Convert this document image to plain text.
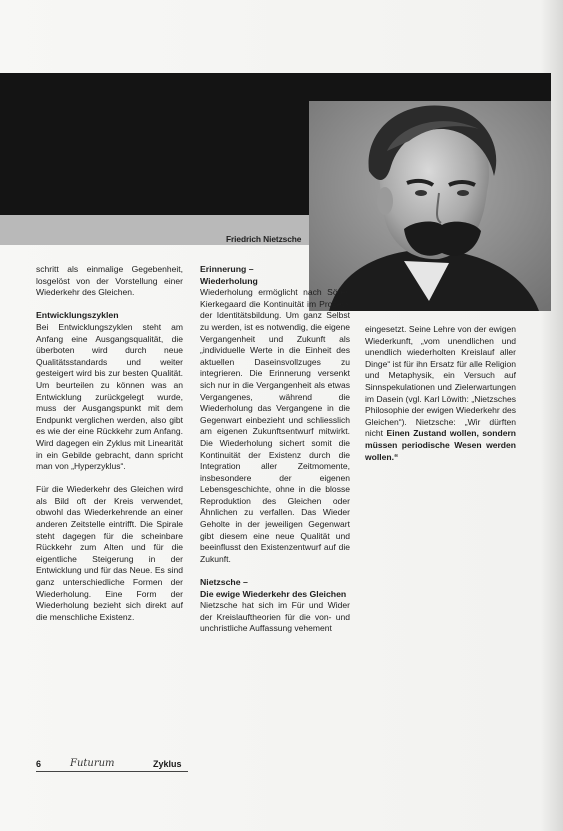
Friedrich Nietzsche

schritt als einmalige Gegebenheit, losgelöst von der Vorstellung einer Wiederkehr des Gleichen.

Entwicklungszyklen

Bei Entwicklungszyklen steht am Anfang eine Ausgangsqualität, die überboten wird durch neue Qualitätsstandards und weiter gesteigert wird bis zur besten Qualität. Um beurteilen zu können was an Entwicklung zurückgelegt wurde, muss der Ausgangspunkt mit dem Endpunkt verglichen werden, also gibt es wie der eine Rückkehr zum Anfang. Wird dagegen ein Zyklus mit Linearität in ein Gebilde gebracht, dann spricht man von „Hyperzyklus“.

Für die Wiederkehr des Gleichen wird als Bild oft der Kreis verwendet, obwohl das Wiederkehrende an einer anderen Zeitstelle eintrifft. Die Spirale steht dagegen für die scheinbare Rückkehr zum Alten und für die eigentliche Steigerung in der Entwicklung und für das Neue. Es sind ganz unterschiedliche Formen der Wiederholung. Eine Form der Wiederholung bezieht sich direkt auf die menschliche Existenz.

Erinnerung –
Wiederholung

Wiederholung ermöglicht nach Sören Kierkegaard die Kontinuität im Prozess der Identitätsbildung. Um ganz Selbst zu werden, ist es notwendig, die eigene Vergangenheit und Zukunft als „individuelle Werte in die Einheit des aktuellen Daseinsvollzuges zu integrieren. Die Erinnerung versenkt sich nur in die Vergangenheit als etwas Vergangenes, während die Wiederholung das Vergangene in die Gegenwart einbezieht und schliesslich am eigenen Zukunftsentwurf mitwirkt. Die Wiederholung sichert somit die Kontinuität der Existenz durch die Integration aller Zeitmomente, insbesondere der eigenen Lebensgeschichte, ohne in die blosse Reproduktion des Gleichen oder Ähnlichen zu verfallen. Das Wieder Geholte in der jeweiligen Gegenwart gibt diesem eine neue Qualität und beeinflusst den Existenzentwurf auf die Zukunft.

Nietzsche –
Die ewige Wiederkehr des Gleichen

Nietzsche hat sich im Für und Wider der Kreislauftheorien für die von- und unchristliche Auffassung vehement

eingesetzt. Seine Lehre von der ewigen Wiederkunft, „vom unendlichen und unendlich wiederholten Kreislauf aller Dinge“ ist für ihn Ersatz für alle Religion und Metaphysik, ein Versuch auf Sinnspekulationen und Zielerwartungen im Dasein (vgl. Karl Löwith: „Nietzsches Philosophie der ewigen Wiederkehr des Gleichen“). Nietzsche: „Wir dürften nicht Einen Zustand wollen, sondern müssen periodische Wesen werden wollen.“

6	Futurum	Zyklus
